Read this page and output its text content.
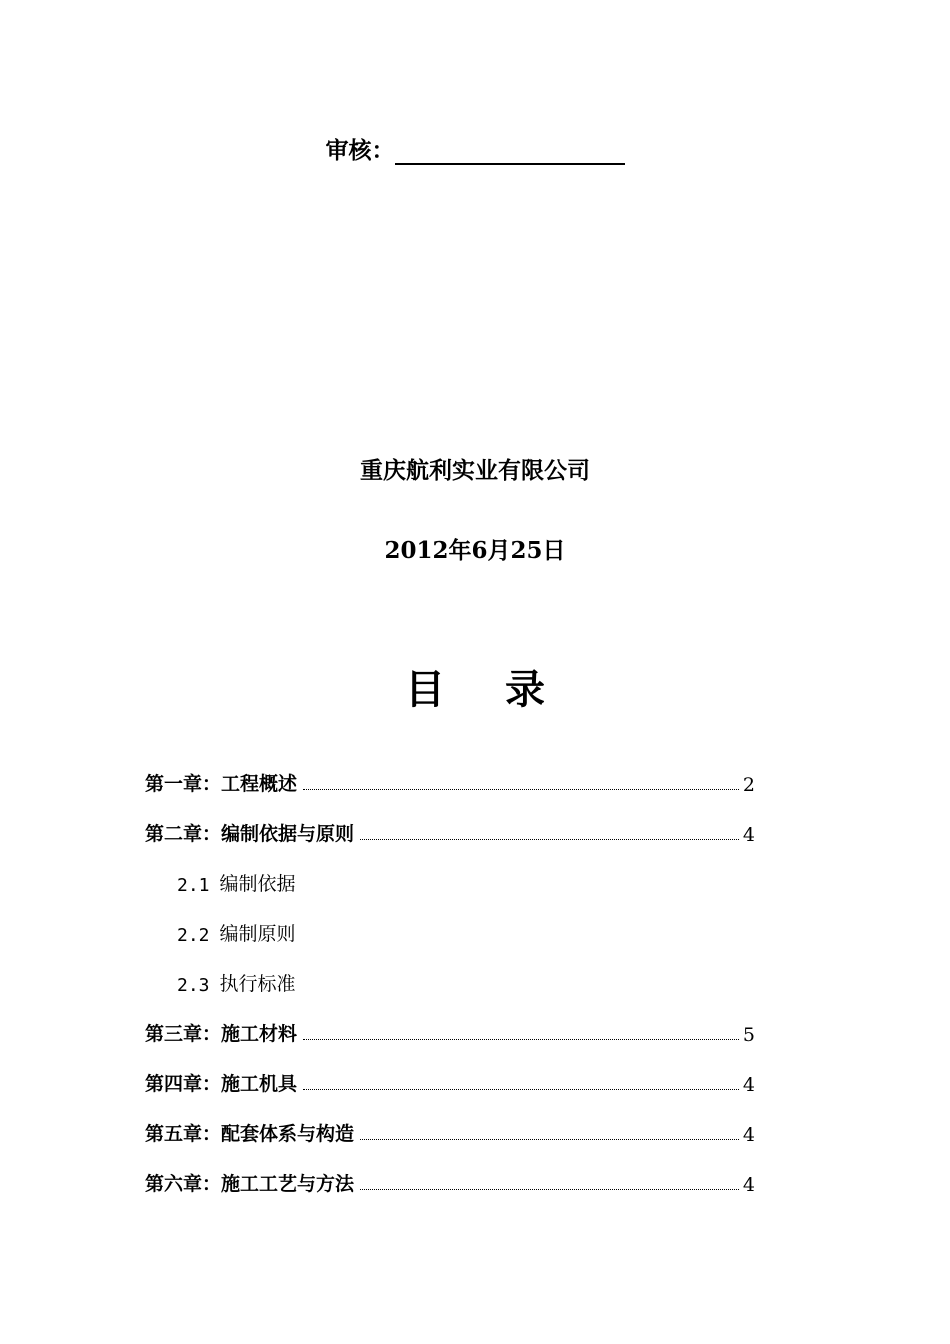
审核：
重庆航利实业有限公司
2012年6月25日
目录
第一章：工程概述	2
第二章：编制依据与原则	4
2.1 编制依据
2.2 编制原则
2.3 执行标准
第三章：施工材料	5
第四章：施工机具	4
第五章：配套体系与构造	4
第六章：施工工艺与方法	4
